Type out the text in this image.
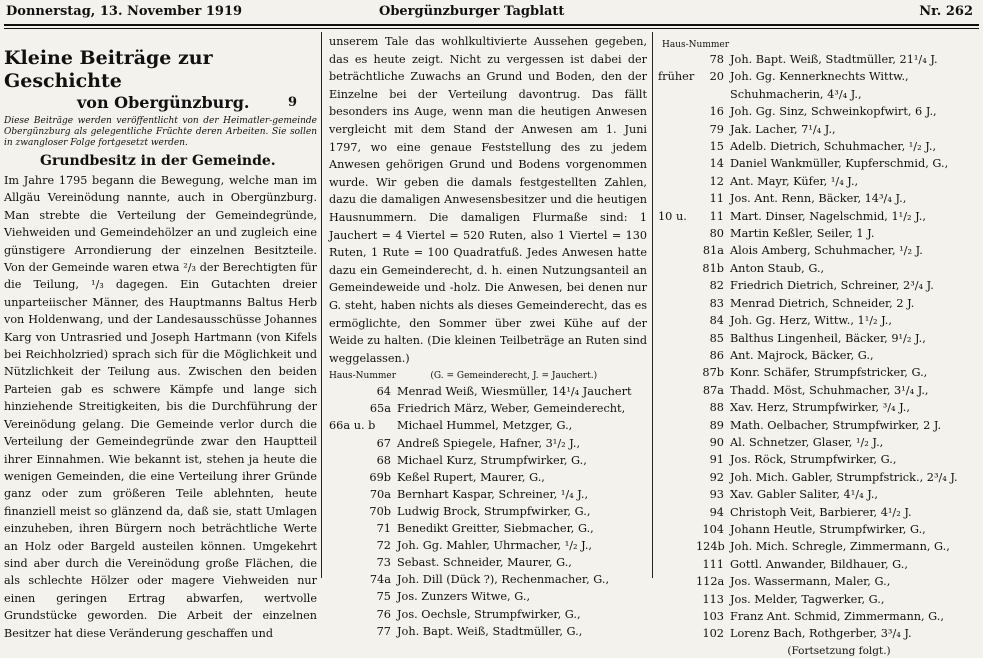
Donnerstag, 13. November 1919	Obergünzburger Tagblatt	Nr. 262
Kleine Beiträge zur Geschichte
von Obergünzburg.	9
Diese Beiträge werden veröffentlicht von der Heimatler-gemeinde Obergünzburg als gelegentliche Früchte deren Arbeiten. Sie sollen in zwangloser Folge fortgesetzt werden.
Grundbesitz in der Gemeinde.
Im Jahre 1795 begann die Bewegung, welche man im Allgäu Vereinödung nannte, auch in Obergünzburg. Man strebte die Verteilung der Gemeindegründe, Viehweiden und Gemeindehölzer an und zugleich eine günstigere Arrondierung der einzelnen Besitzteile. Von der Gemeinde waren etwa ²/₃ der Berechtigten für die Teilung, ¹/₃ dagegen. Ein Gutachten dreier unparteiischer Männer, des Hauptmanns Baltus Herb von Holdenwang, und der Landesausschüsse Johannes Karg von Untrasried und Joseph Hartmann (von Kifels bei Reichholzried) sprach sich für die Möglichkeit und Nützlichkeit der Teilung aus. Zwischen den beiden Parteien gab es schwere Kämpfe und lange sich hinziehende Streitigkeiten, bis die Durchführung der Vereinödung gelang. Die Gemeinde verlor durch die Verteilung der Gemeindegründe zwar den Hauptteil ihrer Einnahmen. Wie bekannt ist, stehen ja heute die wenigen Gemeinden, die eine Verteilung ihrer Gründe ganz oder zum größeren Teile ablehnten, heute finanziell meist so glänzend da, daß sie, statt Umlagen einzuheben, ihren Bürgern noch beträchtliche Werte an Holz oder Bargeld austeilen können. Umgekehrt sind aber durch die Vereinödung große Flächen, die als schlechte Hölzer oder magere Viehweiden nur einen geringen Ertrag abwarfen, wertvolle Grundstücke geworden. Die Arbeit der einzelnen Besitzer hat diese Veränderung geschaffen und
unserem Tale das wohlkultivierte Aussehen gegeben, das es heute zeigt. Nicht zu vergessen ist dabei der beträchtliche Zuwachs an Grund und Boden, den der Einzelne bei der Verteilung davontrug. Das fällt besonders ins Auge, wenn man die heutigen Anwesen vergleicht mit dem Stand der Anwesen am 1. Juni 1797, wo eine genaue Feststellung des zu jedem Anwesen gehörigen Grund und Bodens vorgenommen wurde. Wir geben die damals festgestellten Zahlen, dazu die damaligen Anwesensbesitzer und die heutigen Hausnummern. Die damaligen Flurmaße sind: 1 Jauchert = 4 Viertel = 520 Ruten, also 1 Viertel = 130 Ruten, 1 Rute = 100 Quadratfuß. Jedes Anwesen hatte dazu ein Gemeinderecht, d. h. einen Nutzungsanteil an Gemeindeweide und -holz. Die Anwesen, bei denen nur G. steht, haben nichts als dieses Gemeinderecht, das es ermöglichte, den Sommer über zwei Kühe auf der Weide zu halten. (Die kleinen Teilbeträge an Ruten sind weggelassen.)
Haus-Nummer	(G. = Gemeinderecht, J. = Jauchert.)
64 Menrad Weiß, Wiesmüller, 14¹/₄ Jauchert
65a Friedrich März, Weber, Gemeinderecht,
66a u. b Michael Hummel, Metzger, G.,
67 Andreß Spiegele, Hafner, 3¹/₂ J.,
68 Michael Kurz, Strumpfwirker, G.,
69b Keßel Rupert, Maurer, G.,
70a Bernhart Kaspar, Schreiner, ¹/₄ J.,
70b Ludwig Brock, Strumpfwirker, G.,
71 Benedikt Greitter, Siebmacher, G.,
72 Joh. Gg. Mahler, Uhrmacher, ¹/₂ J.,
73 Sebast. Schneider, Maurer, G.,
74a Joh. Dill (Dück ?), Rechenmacher, G.,
75 Jos. Zunzers Witwe, G.,
76 Jos. Oechsle, Strumpfwirker, G.,
77 Joh. Bapt. Weiß, Stadtmüller, G.,
Haus-Nummer
78 Joh. Bapt. Weiß, Stadtmüller, 21¹/₄ J.
früher	20 Joh. Gg. Kennerknechts Wittw.,
Schuhmacherin, 4³/₄ J.,
16 Joh. Gg. Sinz, Schweinkopfwirt, 6 J.,
79 Jak. Lacher, 7¹/₄ J.,
15 Adelb. Dietrich, Schuhmacher, ¹/₂ J.,
14 Daniel Wankmüller, Kupferschmid, G.,
12 Ant. Mayr, Küfer, ¹/₄ J.,
11 Jos. Ant. Renn, Bäcker, 14³/₄ J.,
10 u.	11 Mart. Dinser, Nagelschmid, 1¹/₂ J.,
80 Martin Keßler, Seiler, 1 J.
81a Alois Amberg, Schuhmacher, ¹/₂ J.
81b Anton Staub, G.,
82 Friedrich Dietrich, Schreiner, 2³/₄ J.
83 Menrad Dietrich, Schneider, 2 J.
84 Joh. Gg. Herz, Wittw., 1¹/₂ J.,
85 Balthus Lingenheil, Bäcker, 9¹/₂ J.,
86 Ant. Majrock, Bäcker, G.,
87b Konr. Schäfer, Strumpfstricker, G.,
87a Thadd. Möst, Schuhmacher, 3¹/₄ J.,
88 Xav. Herz, Strumpfwirker, ³/₄ J.,
89 Math. Oelbacher, Strumpfwirker, 2 J.
90 Al. Schnetzer, Glaser, ¹/₂ J.,
91 Jos. Röck, Strumpfwirker, G.,
92 Joh. Mich. Gabler, Strumpfstrick., 2³/₄ J.
93 Xav. Gabler Saliter, 4¹/₄ J.,
94 Christoph Veit, Barbierer, 4¹/₂ J.
104 Johann Heutle, Strumpfwirker, G.,
124b Joh. Mich. Schregle, Zimmermann, G.,
111 Gottl. Anwander, Bildhauer, G.,
112a Jos. Wassermann, Maler, G.,
113 Jos. Melder, Tagwerker, G.,
103 Franz Ant. Schmid, Zimmermann, G.,
102 Lorenz Bach, Rothgerber, 3³/₄ J.
(Fortsetzung folgt.)
